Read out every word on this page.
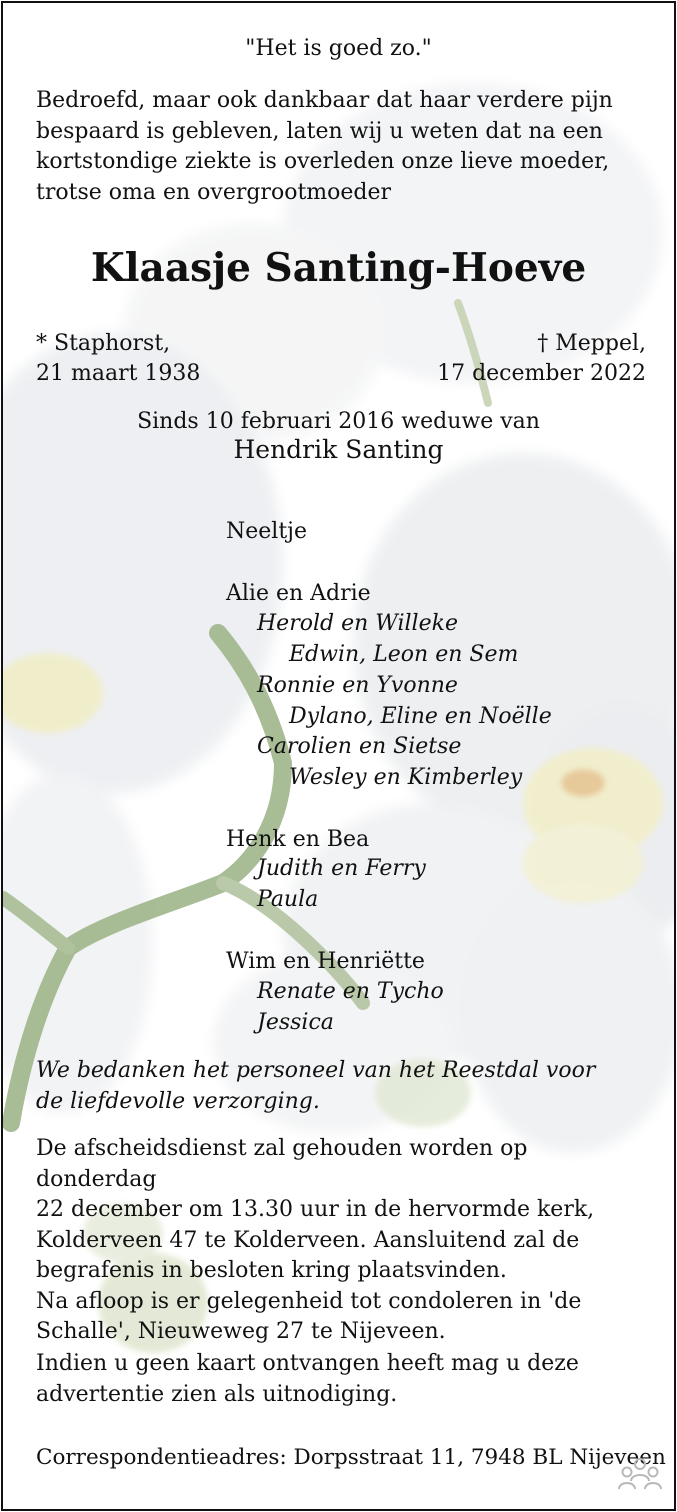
"Het is goed zo."
Bedroefd, maar ook dankbaar dat haar verdere pijn
bespaard is gebleven, laten wij u weten dat na een
kortstondige ziekte is overleden onze lieve moeder,
trotse oma en overgrootmoeder
Klaasje Santing-Hoeve
* Staphorst,
21 maart 1938
† Meppel,
17 december 2022
Sinds 10 februari 2016 weduwe van
Hendrik Santing
Neeltje
Alie en Adrie
Herold en Willeke
Edwin, Leon en Sem
Ronnie en Yvonne
Dylano, Eline en Noëlle
Carolien en Sietse
Wesley en Kimberley
Henk en Bea
Judith en Ferry
Paula
Wim en Henriëtte
Renate en Tycho
Jessica
We bedanken het personeel van het Reestdal voor
de liefdevolle verzorging.
De afscheidsdienst zal gehouden worden op donderdag
22 december om 13.30 uur in de hervormde kerk,
Kolderveen 47 te Kolderveen. Aansluitend zal de
begrafenis in besloten kring plaatsvinden.
Na afloop is er gelegenheid tot condoleren in 'de
Schalle', Nieuweweg 27 te Nijeveen.
Indien u geen kaart ontvangen heeft mag u deze
advertentie zien als uitnodiging.
Correspondentieadres: Dorpsstraat 11, 7948 BL Nijeveen
